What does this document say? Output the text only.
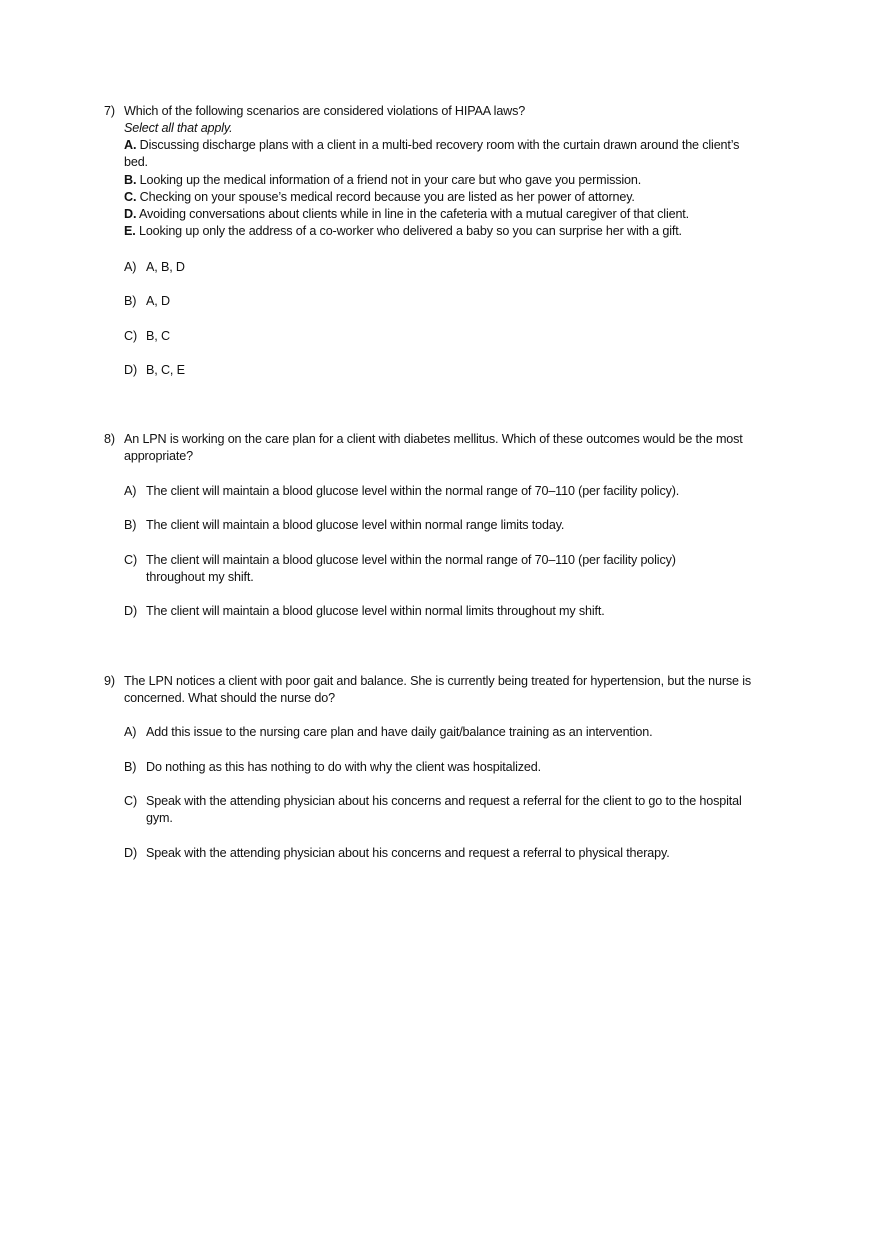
7) Which of the following scenarios are considered violations of HIPAA laws?
Select all that apply.
A. Discussing discharge plans with a client in a multi-bed recovery room with the curtain drawn around the client’s bed.
B. Looking up the medical information of a friend not in your care but who gave you permission.
C. Checking on your spouse’s medical record because you are listed as her power of attorney.
D. Avoiding conversations about clients while in line in the cafeteria with a mutual caregiver of that client.
E. Looking up only the address of a co-worker who delivered a baby so you can surprise her with a gift.
A) A, B, D
B) A, D
C) B, C
D) B, C, E
8) An LPN is working on the care plan for a client with diabetes mellitus. Which of these outcomes would be the most appropriate?
A) The client will maintain a blood glucose level within the normal range of 70–110 (per facility policy).
B) The client will maintain a blood glucose level within normal range limits today.
C) The client will maintain a blood glucose level within the normal range of 70–110 (per facility policy) throughout my shift.
D) The client will maintain a blood glucose level within normal limits throughout my shift.
9) The LPN notices a client with poor gait and balance. She is currently being treated for hypertension, but the nurse is concerned. What should the nurse do?
A) Add this issue to the nursing care plan and have daily gait/balance training as an intervention.
B) Do nothing as this has nothing to do with why the client was hospitalized.
C) Speak with the attending physician about his concerns and request a referral for the client to go to the hospital gym.
D) Speak with the attending physician about his concerns and request a referral to physical therapy.
